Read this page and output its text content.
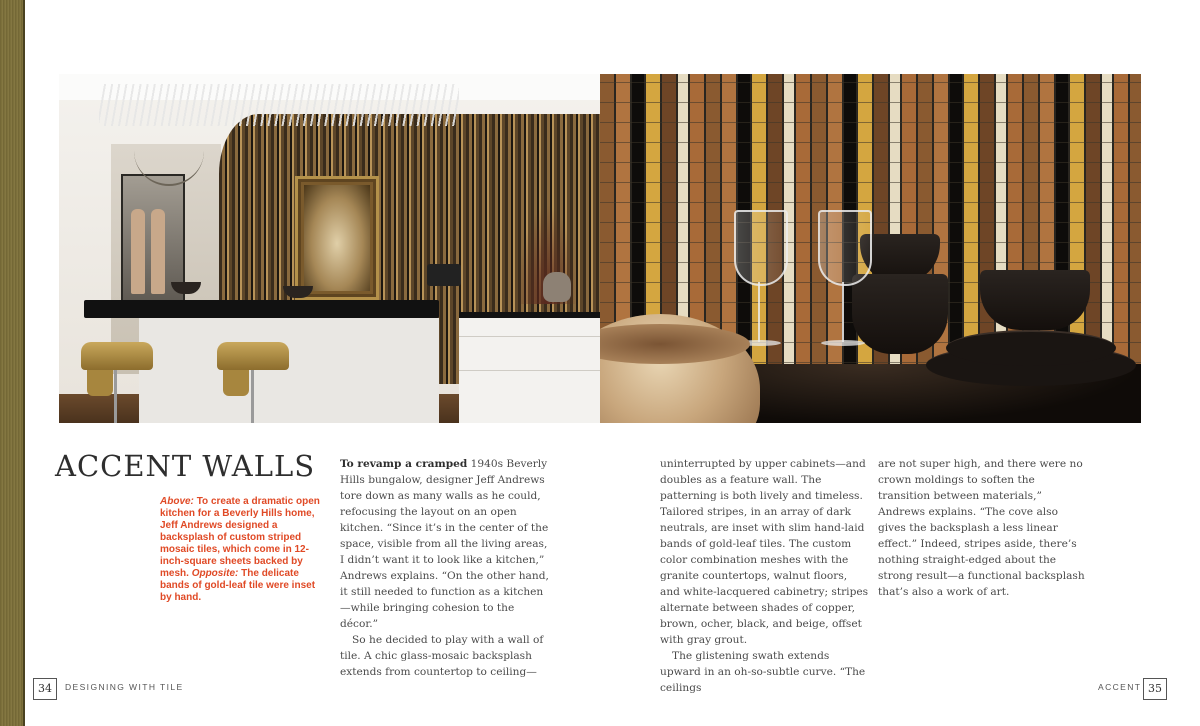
ACCENT WALLS

Above: To create a dramatic open kitchen for a Beverly Hills home, Jeff Andrews designed a backsplash of custom striped mosaic tiles, which come in 12-inch-square sheets backed by mesh. Opposite: The delicate bands of gold-leaf tile were inset by hand.

To revamp a cramped 1940s Beverly Hills bungalow, designer Jeff Andrews tore down as many walls as he could, refocusing the layout on an open kitchen. “Since it’s in the center of the space, visible from all the living areas, I didn’t want it to look like a kitchen,” Andrews explains. “On the other hand, it still needed to function as a kitchen—while bringing cohesion to the décor.”

So he decided to play with a wall of tile. A chic glass-mosaic backsplash extends from countertop to ceiling—

uninterrupted by upper cabinets—and doubles as a feature wall. The patterning is both lively and timeless. Tailored stripes, in an array of dark neutrals, are inset with slim hand-laid bands of gold-leaf tiles. The custom color combination meshes with the granite countertops, walnut floors, and white-lacquered cabinetry; stripes alternate between shades of copper, brown, ocher, black, and beige, offset with gray grout.

The glistening swath extends upward in an oh-so-subtle curve. “The ceilings

are not super high, and there were no crown moldings to soften the transition between materials,” Andrews explains. “The cove also gives the backsplash a less linear effect.” Indeed, stripes aside, there’s nothing straight-edged about the strong result—a functional backsplash that’s also a work of art.

34	DESIGNING WITH TILE	ACCENT 35
